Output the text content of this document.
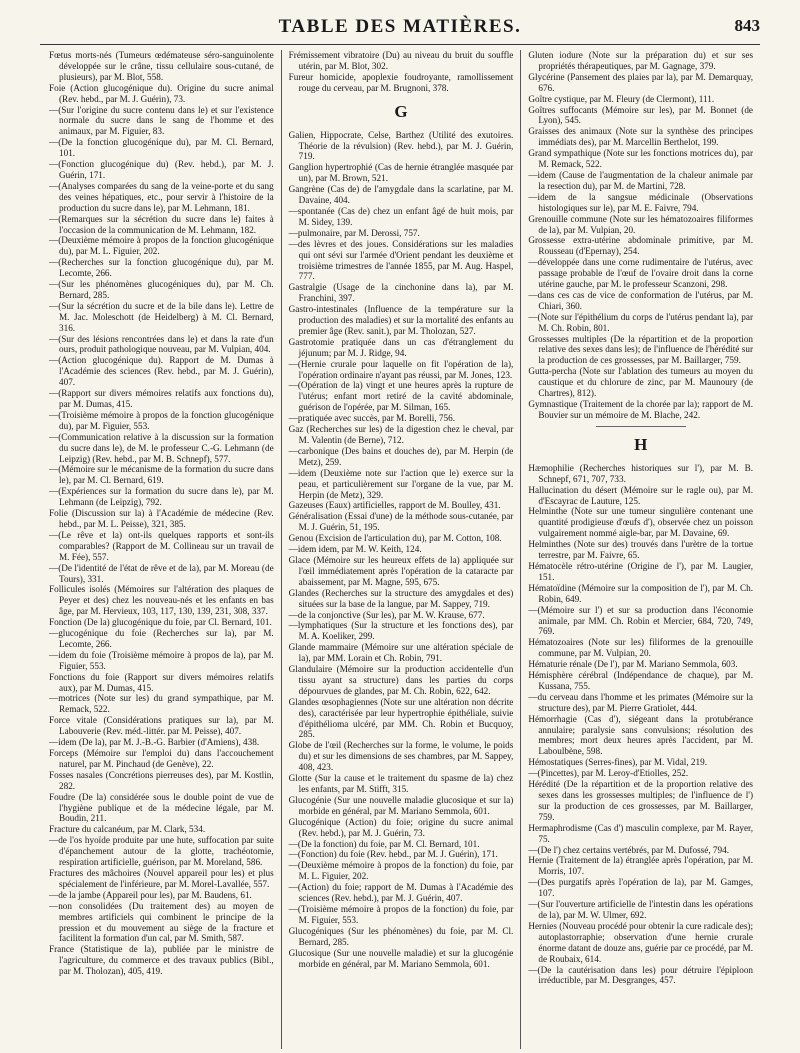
TABLE DES MATIÈRES.	843
Fœtus morts-nés (Tumeurs œdémateuse séro-sanguinolente développée sur le crâne, tissu cellulaire sous-cutané, de plusieurs), par M. Blot, 558.
Foie (Action glucogénique du). Origine du sucre animal (Rev. hebd., par M. J. Guérin), 73.
—(Sur l'origine du sucre contenu dans le) et sur l'existence normale du sucre dans le sang de l'homme et des animaux, par M. Figuier, 83.
—(De la fonction glucogénique du), par M. Cl. Bernard, 101.
—(Fonction glucogénique du) (Rev. hebd.), par M. J. Guérin, 171.
—(Analyses comparées du sang de la veine-porte et du sang des veines hépatiques, etc., pour servir à l'histoire de la production du sucre dans le), par M. Lehmann, 181.
—(Remarques sur la sécrétion du sucre dans le) faites à l'occasion de la communication de M. Lehmann, 182.
—(Deuxième mémoire à propos de la fonction glucogénique du), par M. L. Figuier, 202.
—(Recherches sur la fonction glucogénique du), par M. Lecomte, 266.
—(Sur les phénomènes glucogéniques du), par M. Ch. Bernard, 285.
—(Sur la sécrétion du sucre et de la bile dans le). Lettre de M. Jac. Moleschott (de Heidelberg) à M. Cl. Bernard, 316.
—(Sur des lésions rencontrées dans le) et dans la rate d'un ours, produit pathologique nouveau, par M. Vulpian, 404.
—(Action glucogénique du). Rapport de M. Dumas à l'Académie des sciences (Rev. hebd., par M. J. Guérin), 407.
—(Rapport sur divers mémoires relatifs aux fonctions du), par M. Dumas, 415.
—(Troisième mémoire à propos de la fonction glucogénique du), par M. Figuier, 553.
—(Communication relative à la discussion sur la formation du sucre dans le), de M. le professeur C.-G. Lehmann (de Leipzig) (Rev. hebd., par M. B. Schnepf), 577.
—(Mémoire sur le mécanisme de la formation du sucre dans le), par M. Cl. Bernard, 619.
—(Expériences sur la formation du sucre dans le), par M. Lehmann (de Leipzig), 792.
Folie (Discussion sur la) à l'Académie de médecine (Rev. hebd., par M. L. Peisse), 321, 385.
—(Le rêve et la) ont-ils quelques rapports et sont-ils comparables? (Rapport de M. Collineau sur un travail de M. Fée), 557.
—(De l'identité de l'état de rêve et de la), par M. Moreau (de Tours), 331.
Follicules isolés (Mémoires sur l'altération des plaques de Peyer et des) chez les nouveau-nés et les enfants en bas âge, par M. Hervieux, 103, 117, 130, 139, 231, 308, 337.
Fonction (De la) glucogénique du foie, par Cl. Bernard, 101.
—glucogénique du foie (Recherches sur la), par M. Lecomte, 266.
—idem du foie (Troisième mémoire à propos de la), par M. Figuier, 553.
Fonctions du foie (Rapport sur divers mémoires relatifs aux), par M. Dumas, 415.
—motrices (Note sur les) du grand sympathique, par M. Remack, 522.
Force vitale (Considérations pratiques sur la), par M. Labouverie (Rev. méd.-littér. par M. Peisse), 407.
—idem (De la), par M. J.-B.-G. Barbier (d'Amiens), 438.
Forceps (Mémoire sur l'emploi du) dans l'accouchement naturel, par M. Pinchaud (de Genève), 22.
Fosses nasales (Concrétions pierreuses des), par M. Kostlin, 282.
Foudre (De la) considérée sous le double point de vue de l'hygiène publique et de la médecine légale, par M. Boudin, 211.
Fracture du calcanéum, par M. Clark, 534.
—de l'os hyoïde produite par une hute, suffocation par suite d'épanchement autour de la glotte, trachéotomie, respiration artificielle, guérison, par M. Moreland, 586.
Fractures des mâchoires (Nouvel appareil pour les) et plus spécialement de l'inférieure, par M. Morel-Lavallée, 557.
—de la jambe (Appareil pour les), par M. Baudens, 61.
—non consolidées (Du traitement des) au moyen de membres artificiels qui combinent le principe de la pression et du mouvement au siège de la fracture et facilitent la formation d'un cal, par M. Smith, 587.
France (Statistique de la), publiée par le ministre de l'agriculture, du commerce et des travaux publics (Bibl., par M. Tholozan), 405, 419.
Frémissement vibratoire (Du) au niveau du bruit du souffle utérin, par M. Blot, 302.
Fureur homicide, apoplexie foudroyante, ramollissement rouge du cerveau, par M. Brugnoni, 378.
G
Galien, Hippocrate, Celse, Barthez (Utilité des exutoires. Théorie de la révulsion) (Rev. hebd.), par M. J. Guérin, 719.
Ganglion hypertrophié (Cas de hernie étranglée masquée par un), par M. Brown, 521.
Gangrène (Cas de) de l'amygdale dans la scarlatine, par M. Davaine, 404.
—spontanée (Cas de) chez un enfant âgé de huit mois, par M. Sidey, 139.
—pulmonaire, par M. Derossi, 757.
—des lèvres et des joues. Considérations sur les maladies qui ont sévi sur l'armée d'Orient pendant les deuxième et troisième trimestres de l'année 1855, par M. Aug. Haspel, 777.
Gastralgie (Usage de la cinchonine dans la), par M. Franchini, 397.
Gastro-intestinales (Influence de la température sur la production des maladies) et sur la mortalité des enfants au premier âge (Rev. sanit.), par M. Tholozan, 527.
Gastrotomie pratiquée dans un cas d'étranglement du jéjunum; par M. J. Ridge, 94.
—(Hernie crurale pour laquelle on fit l'opération de la), l'opération ordinaire n'ayant pas réussi, par M. Jones, 123.
—(Opération de la) vingt et une heures après la rupture de l'utérus; enfant mort retiré de la cavité abdominale, guérison de l'opérée, par M. Silman, 165.
—pratiquée avec succès, par M. Borelli, 756.
Gaz (Recherches sur les) de la digestion chez le cheval, par M. Valentin (de Berne), 712.
—carbonique (Des bains et douches de), par M. Herpin (de Metz), 259.
—idem (Deuxième note sur l'action que le) exerce sur la peau, et particulièrement sur l'organe de la vue, par M. Herpin (de Metz), 329.
Gazeuses (Eaux) artificielles, rapport de M. Boulley, 431.
Généralisation (Essai d'une) de la méthode sous-cutanée, par M. J. Guérin, 51, 195.
Genou (Excision de l'articulation du), par M. Cotton, 108.
—idem idem, par M. W. Keith, 124.
Glace (Mémoire sur les heureux effets de la) appliquée sur l'œil immédiatement après l'opération de la cataracte par abaissement, par M. Magne, 595, 675.
Glandes (Recherches sur la structure des amygdales et des) situées sur la base de la langue, par M. Sappey, 719.
—de la conjonctive (Sur les), par M. W. Krause, 677.
—lymphatiques (Sur la structure et les fonctions des), par M. A. Koeliker, 299.
Glande mammaire (Mémoire sur une altération spéciale de la), par MM. Lorain et Ch. Robin, 791.
Glandulaire (Mémoire sur la production accidentelle d'un tissu ayant sa structure) dans les parties du corps dépourvues de glandes, par M. Ch. Robin, 622, 642.
Glandes œsophagiennes (Note sur une altération non décrite des), caractérisée par leur hypertrophie épithéliale, suivie d'épithélioma ulcéré, par MM. Ch. Robin et Bucquoy, 285.
Globe de l'œil (Recherches sur la forme, le volume, le poids du) et sur les dimensions de ses chambres, par M. Sappey, 408, 423.
Glotte (Sur la cause et le traitement du spasme de la) chez les enfants, par M. Stifft, 315.
Glucogénie (Sur une nouvelle maladie glucosique et sur la) morbide en général, par M. Mariano Semmola, 601.
Glucogénique (Action) du foie; origine du sucre animal (Rev. hebd.), par M. J. Guérin, 73.
—(De la fonction) du foie, par M. Cl. Bernard, 101.
—(Fonction) du foie (Rev. hebd., par M. J. Guérin), 171.
—(Deuxième mémoire à propos de la fonction) du foie, par M. L. Figuier, 202.
—(Action) du foie; rapport de M. Dumas à l'Académie des sciences (Rev. hebd.), par M. J. Guérin, 407.
—(Troisième mémoire à propos de la fonction) du foie, par M. Figuier, 553.
Glucogéniques (Sur les phénomènes) du foie, par M. Cl. Bernard, 285.
Glucosique (Sur une nouvelle maladie) et sur la glucogénie morbide en général, par M. Mariano Semmola, 601.
Gluten iodure (Note sur la préparation du) et sur ses propriétés thérapeutiques, par M. Gagnage, 379.
Glycérine (Pansement des plaies par la), par M. Demarquay, 676.
Goître cystique, par M. Fleury (de Clermont), 111.
Goîtres suffocants (Mémoire sur les), par M. Bonnet (de Lyon), 545.
Graisses des animaux (Note sur la synthèse des principes immédiats des), par M. Marcellin Berthelot, 199.
Grand sympathique (Note sur les fonctions motrices du), par M. Remack, 522.
—idem (Cause de l'augmentation de la chaleur animale par la resection du), par M. de Martini, 728.
—idem de la sangsue médicinale (Observations histologiques sur le), par M. E. Faivre, 794.
Grenouille commune (Note sur les hématozoaires filiformes de la), par M. Vulpian, 20.
Grossesse extra-utérine abdominale primitive, par M. Rousseau (d'Epernay), 254.
—développée dans une corne rudimentaire de l'utérus, avec passage probable de l'œuf de l'ovaire droit dans la corne utérine gauche, par M. le professeur Scanzoni, 298.
—dans ces cas de vice de conformation de l'utérus, par M. Chiari, 360.
—(Note sur l'épithélium du corps de l'utérus pendant la), par M. Ch. Robin, 801.
Grossesses multiples (De la répartition et de la proportion relative des sexes dans les); de l'influence de l'hérédité sur la production de ces grossesses, par M. Baillarger, 759.
Gutta-percha (Note sur l'ablation des tumeurs au moyen du caustique et du chlorure de zinc, par M. Maunoury (de Chartres), 812).
Gymnastique (Traitement de la chorée par la); rapport de M. Bouvier sur un mémoire de M. Blache, 242.
H
Hæmophilie (Recherches historiques sur l'), par M. B. Schnepf, 671, 707, 733.
Hallucination du désert (Mémoire sur le ragle ou), par M. d'Escayrac de Lauture, 125.
Helminthe (Note sur une tumeur singulière contenant une quantité prodigieuse d'œufs d'), observée chez un poisson vulgairement nommé aigle-bar, par M. Davaine, 69.
Helminthes (Note sur des) trouvés dans l'urètre de la tortue terrestre, par M. Faivre, 65.
Hématocèle rétro-utérine (Origine de l'), par M. Laugier, 151.
Hématoïdine (Mémoire sur la composition de l'), par M. Ch. Robin, 649.
—(Mémoire sur l') et sur sa production dans l'économie animale, par MM. Ch. Robin et Mercier, 684, 720, 749, 769.
Hématozoaires (Note sur les) filiformes de la grenouille commune, par M. Vulpian, 20.
Hématurie rénale (De l'), par M. Mariano Semmola, 603.
Hémisphère cérébral (Indépendance de chaque), par M. Kussana, 755.
—du cerveau dans l'homme et les primates (Mémoire sur la structure des), par M. Pierre Gratiolet, 444.
Hémorrhagie (Cas d'), siégeant dans la protubérance annulaire; paralysie sans convulsions; résolution des membres; mort deux heures après l'accident, par M. Laboulbène, 598.
Hémostatiques (Serres-fines), par M. Vidal, 219.
—(Pincettes), par M. Leroy-d'Etiolles, 252.
Hérédité (De la répartition et de la proportion relative des sexes dans les grossesses multiples; de l'influence de l') sur la production de ces grossesses, par M. Baillarger, 759.
Hermaphrodisme (Cas d') masculin complexe, par M. Rayer, 75.
—(De l') chez certains vertébrés, par M. Dufossé, 794.
Hernie (Traitement de la) étranglée après l'opération, par M. Morris, 107.
—(Des purgatifs après l'opération de la), par M. Gamges, 107.
—(Sur l'ouverture artificielle de l'intestin dans les opérations de la), par M. W. Ulmer, 692.
Hernies (Nouveau procédé pour obtenir la cure radicale des); autoplastorraphie; observation d'une hernie crurale énorme datant de douze ans, guérie par ce procédé, par M. de Roubaix, 614.
—(De la cautérisation dans les) pour détruire l'épiploon irréductible, par M. Desgranges, 457.
